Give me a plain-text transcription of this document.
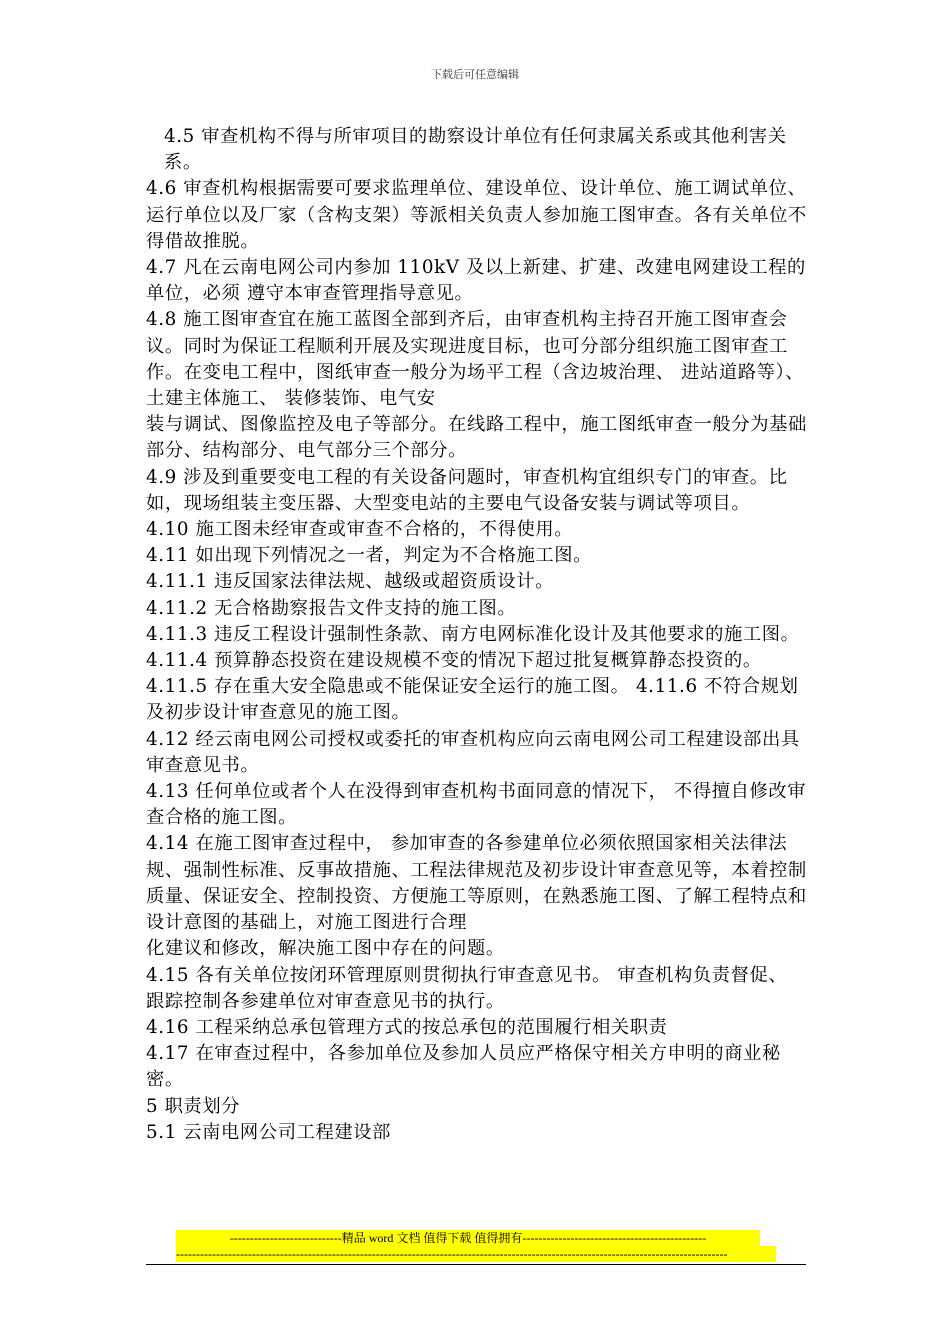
下载后可任意编辑

4.5 审查机构不得与所审项目的勘察设计单位有任何隶属关系或其他利害关系。

4.6 审查机构根据需要可要求监理单位、建设单位、设计单位、施工调试单位、运行单位以及厂家（含构支架）等派相关负责人参加施工图审查。各有关单位不得借故推脱。

4.7 凡在云南电网公司内参加 110kV 及以上新建、扩建、改建电网建设工程的单位，必须 遵守本审查管理指导意见。

4.8 施工图审查宜在施工蓝图全部到齐后，由审查机构主持召开施工图审查会议。同时为保证工程顺利开展及实现进度目标，也可分部分组织施工图审查工作。在变电工程中，图纸审查一般分为场平工程（含边坡治理、 进站道路等）、 土建主体施工、 装修装饰、电气安

装与调试、图像监控及电子等部分。在线路工程中，施工图纸审查一般分为基础部分、结构部分、电气部分三个部分。

4.9 涉及到重要变电工程的有关设备问题时，审查机构宜组织专门的审查。比如，现场组装主变压器、大型变电站的主要电气设备安装与调试等项目。

4.10 施工图未经审查或审查不合格的，不得使用。

4.11 如出现下列情况之一者，判定为不合格施工图。

4.11.1 违反国家法律法规、越级或超资质设计。

4.11.2 无合格勘察报告文件支持的施工图。

4.11.3 违反工程设计强制性条款、南方电网标准化设计及其他要求的施工图。

4.11.4 预算静态投资在建设规模不变的情况下超过批复概算静态投资的。

4.11.5 存在重大安全隐患或不能保证安全运行的施工图。 4.11.6 不符合规划及初步设计审查意见的施工图。

4.12 经云南电网公司授权或委托的审查机构应向云南电网公司工程建设部出具审查意见书。

4.13 任何单位或者个人在没得到审查机构书面同意的情况下， 不得擅自修改审查合格的施工图。

4.14 在施工图审查过程中， 参加审查的各参建单位必须依照国家相关法律法规、强制性标准、反事故措施、工程法律规范及初步设计审查意见等，本着控制质量、保证安全、控制投资、方便施工等原则，在熟悉施工图、了解工程特点和设计意图的基础上，对施工图进行合理

化建议和修改，解决施工图中存在的问题。

4.15 各有关单位按闭环管理原则贯彻执行审查意见书。 审查机构负责督促、 跟踪控制各参建单位对审查意见书的执行。

4.16 工程采纳总承包管理方式的按总承包的范围履行相关职责

4.17 在审查过程中，各参加单位及参加人员应严格保守相关方申明的商业秘密。

5 职责划分

5.1 云南电网公司工程建设部

----------------------------精品 word 文档 值得下载 值得拥有----------------------------------------------
------------------------------------------------------------------------------------------------------------------------------------------
